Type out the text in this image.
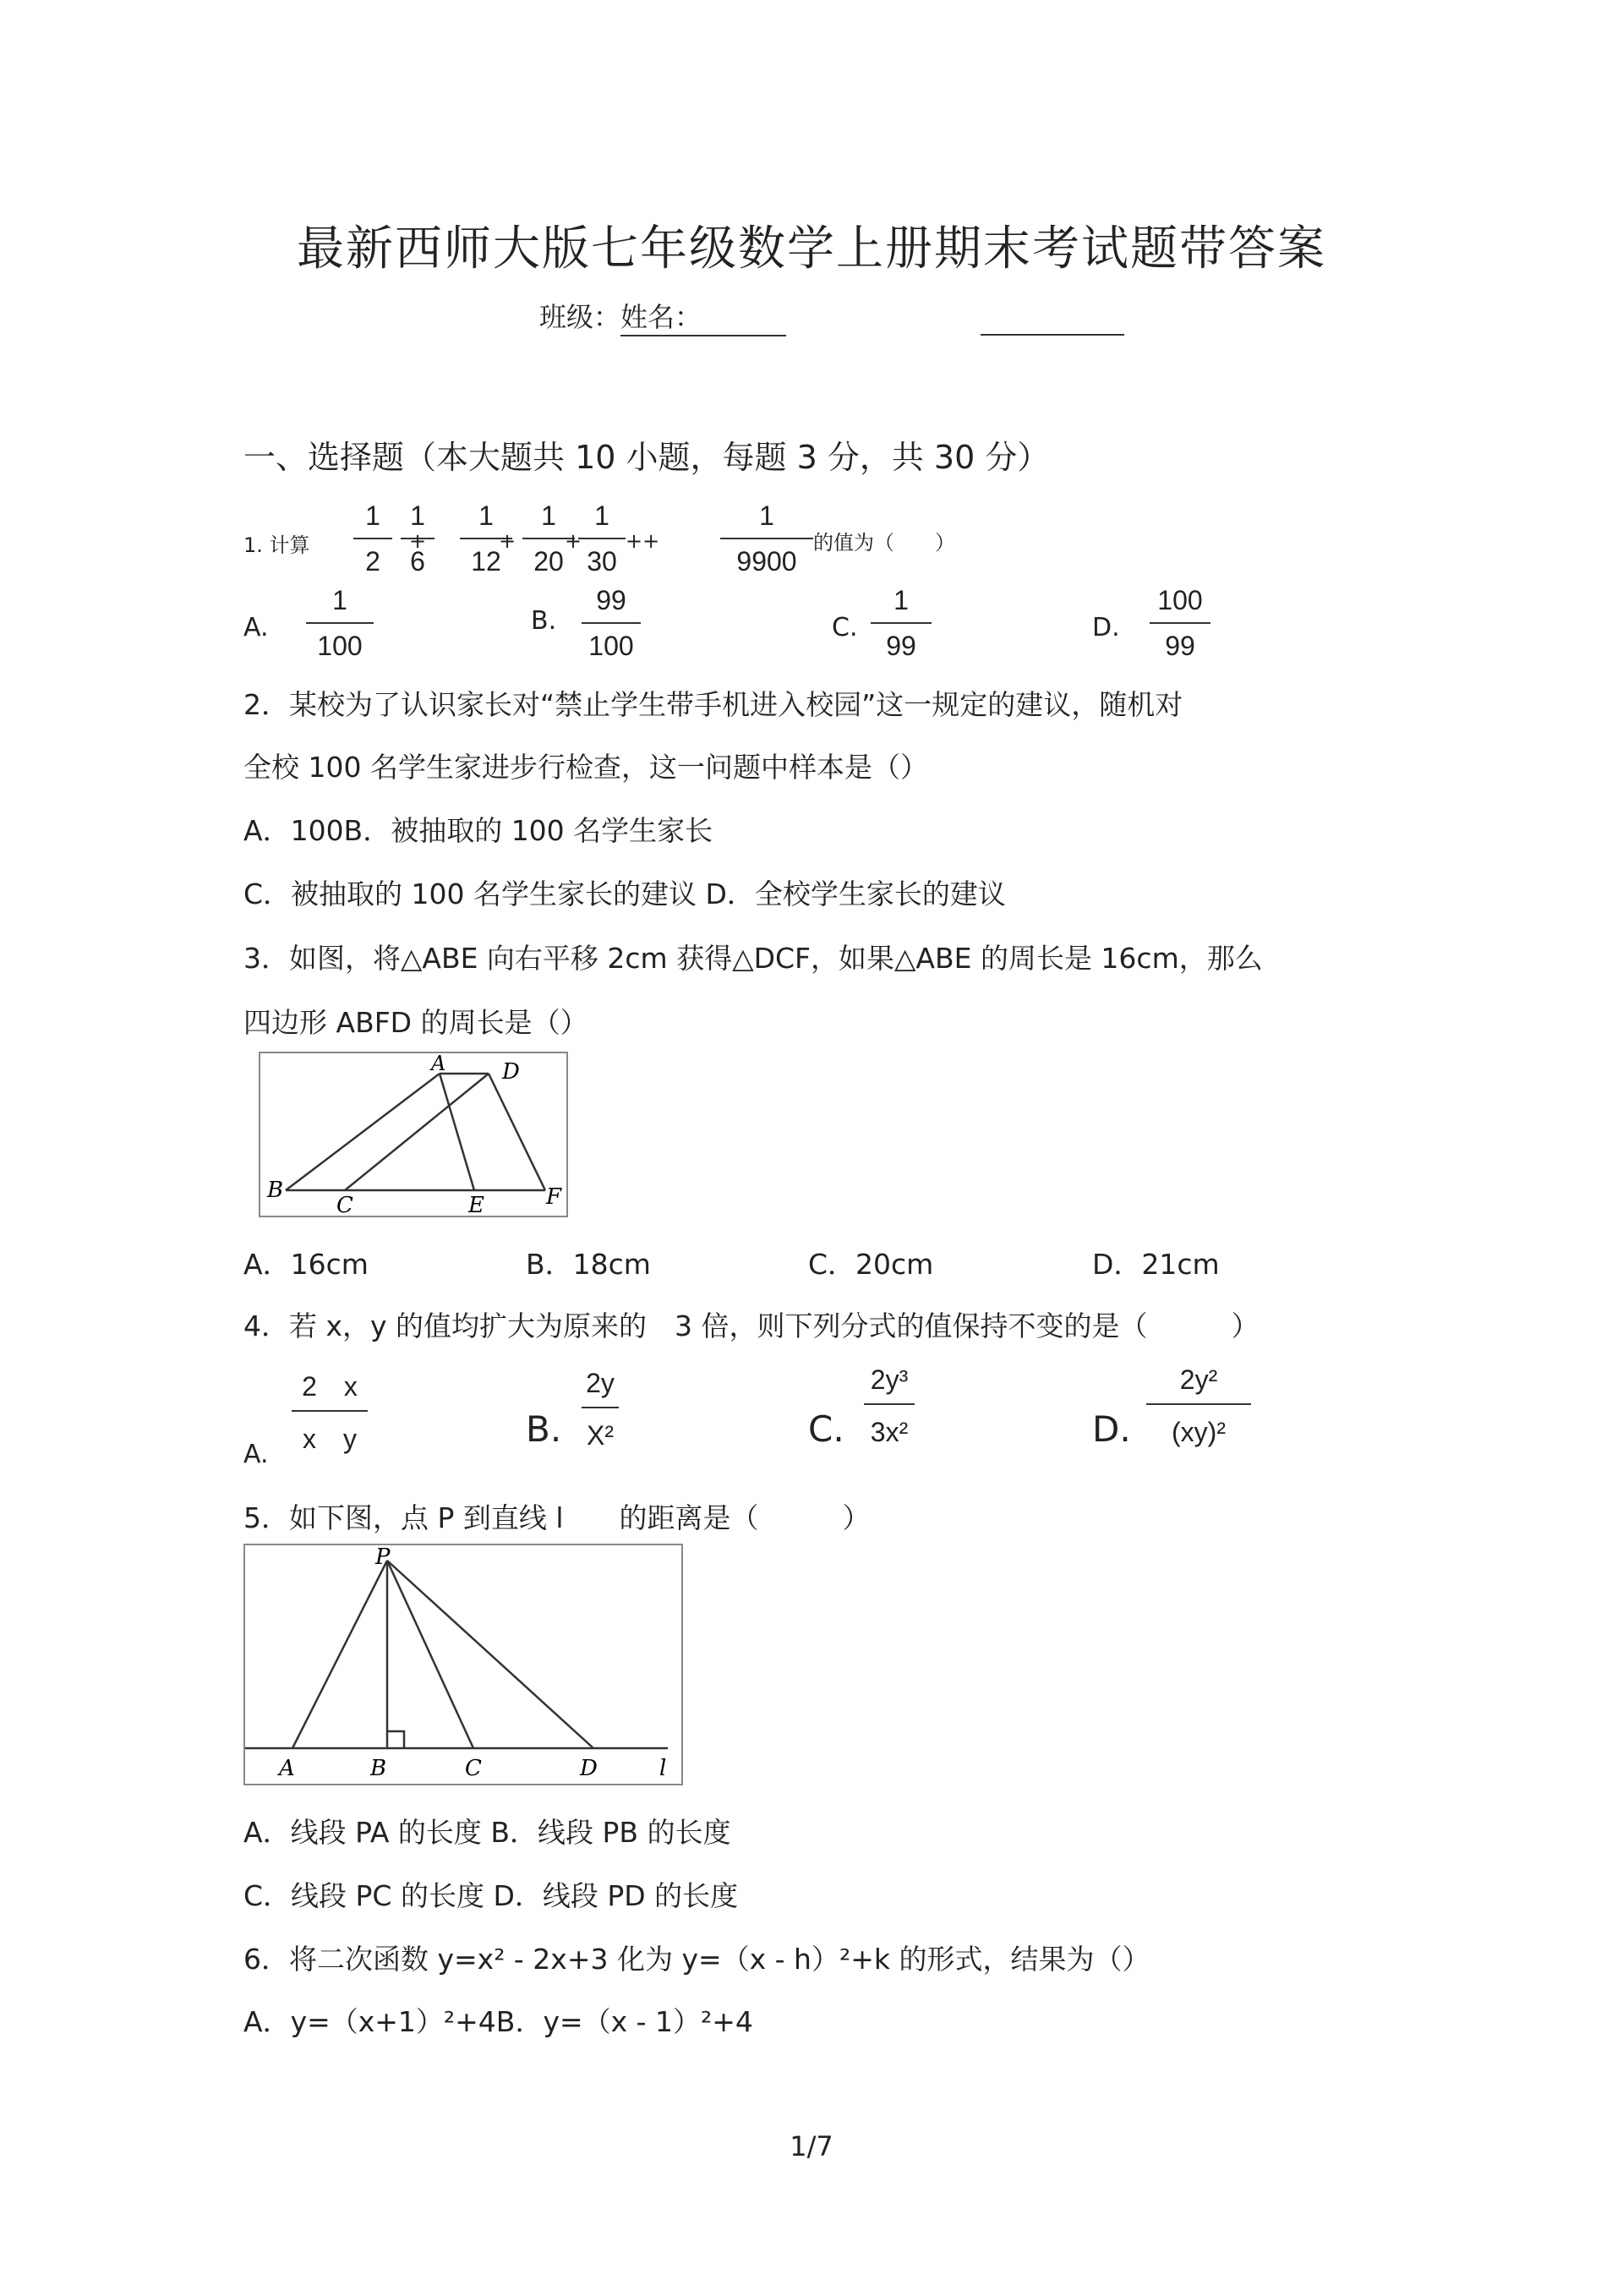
最新西师大版七年级数学上册期末考试题带答案
班级：姓名：
一、选择题（本大题共 10 小题，每题 3 分，共 30 分）
1. 计算
1
2
1
6
+
1
12
+
1
20
+
1
30
++
1
9900
的值为（　　）
A.
1
100
B.
99
100
C.
1
99
D.
100
99
2．某校为了认识家长对“禁止学生带手机进入校园”这一规定的建议，随机对
全校 100 名学生家进步行检查，这一问题中样本是（）
A．100B．被抽取的 100 名学生家长
C．被抽取的 100 名学生家长的建议 D．全校学生家长的建议
3．如图，将△ABE 向右平移 2cm 获得△DCF，如果△ABE 的周长是 16cm，那么
四边形 ABFD 的周长是（）
A	D
B
C	E	F
A．16cm	B．18cm	C．20cm	D．21cm
4．若 x，y 的值均扩大为原来的　3 倍，则下列分式的值保持不变的是（　　　）
A.
2　x
x　y	B.
2y
X²	C.
2y³
3x²	D.
2y²
(xy)²
5．如下图，点 P 到直线 l　　的距离是（　　　）
P
A	B	C	D	l
A．线段 PA 的长度 B．线段 PB 的长度
C．线段 PC 的长度 D．线段 PD 的长度
6．将二次函数 y=x² - 2x+3 化为 y=（x - h）²+k 的形式，结果为（）
A．y=（x+1）²+4B．y=（x - 1）²+4
1/7
